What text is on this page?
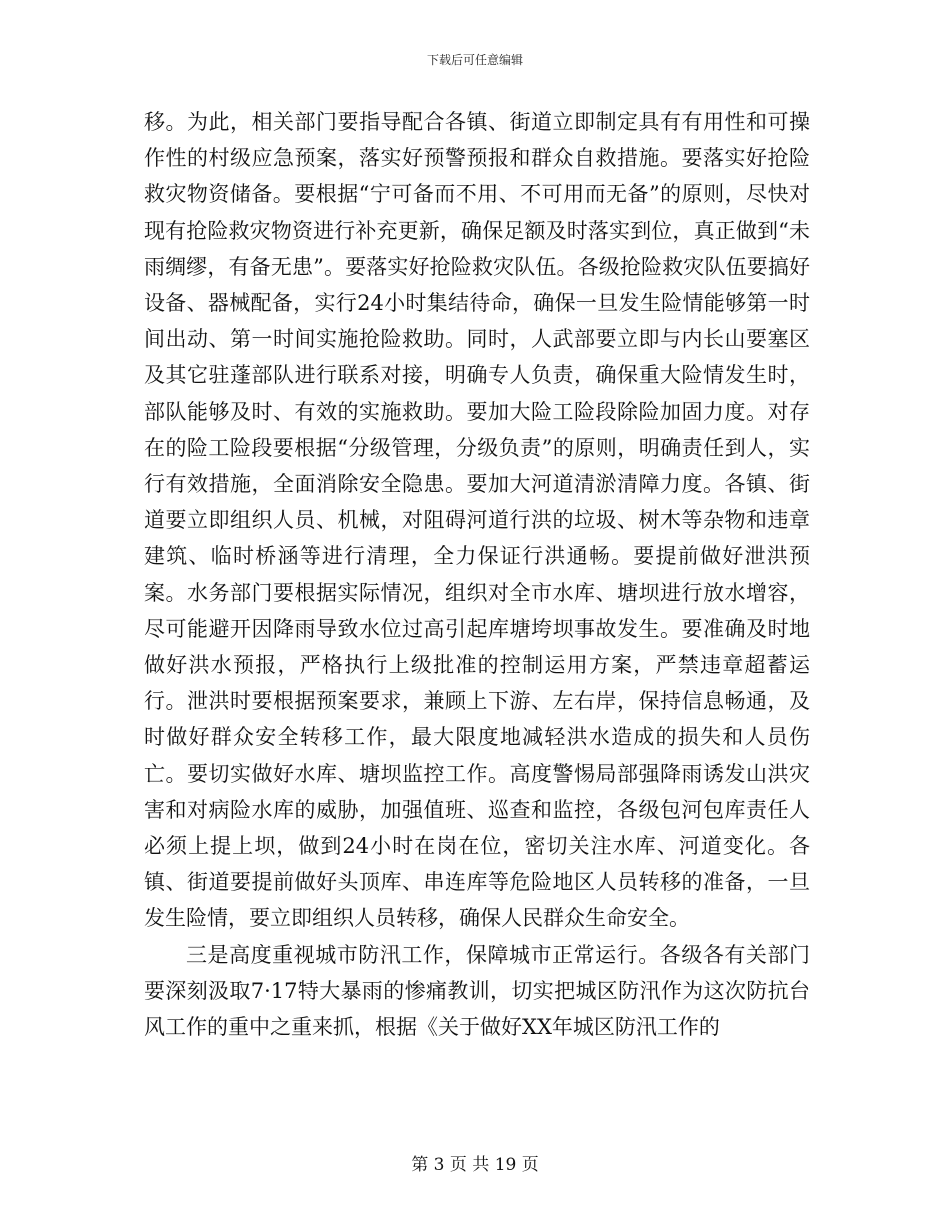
下载后可任意编辑

移。为此，相关部门要指导配合各镇、街道立即制定具有有用性和可操作性的村级应急预案，落实好预警预报和群众自救措施。要落实好抢险救灾物资储备。要根据“宁可备而不用、不可用而无备”的原则，尽快对现有抢险救灾物资进行补充更新，确保足额及时落实到位，真正做到“未雨绸缪，有备无患”。要落实好抢险救灾队伍。各级抢险救灾队伍要搞好设备、器械配备，实行24小时集结待命，确保一旦发生险情能够第一时间出动、第一时间实施抢险救助。同时，人武部要立即与内长山要塞区及其它驻蓬部队进行联系对接，明确专人负责，确保重大险情发生时，部队能够及时、有效的实施救助。要加大险工险段除险加固力度。对存在的险工险段要根据“分级管理，分级负责”的原则，明确责任到人，实行有效措施，全面消除安全隐患。要加大河道清淤清障力度。各镇、街道要立即组织人员、机械，对阻碍河道行洪的垃圾、树木等杂物和违章建筑、临时桥涵等进行清理，全力保证行洪通畅。要提前做好泄洪预案。水务部门要根据实际情况，组织对全市水库、塘坝进行放水增容，尽可能避开因降雨导致水位过高引起库塘垮坝事故发生。要准确及时地做好洪水预报，严格执行上级批准的控制运用方案，严禁违章超蓄运行。泄洪时要根据预案要求，兼顾上下游、左右岸，保持信息畅通，及时做好群众安全转移工作，最大限度地减轻洪水造成的损失和人员伤亡。要切实做好水库、塘坝监控工作。高度警惕局部强降雨诱发山洪灾害和对病险水库的威胁，加强值班、巡查和监控，各级包河包库责任人必须上提上坝，做到24小时在岗在位，密切关注水库、河道变化。各镇、街道要提前做好头顶库、串连库等危险地区人员转移的准备，一旦发生险情，要立即组织人员转移，确保人民群众生命安全。

三是高度重视城市防汛工作，保障城市正常运行。各级各有关部门要深刻汲取7·17特大暴雨的惨痛教训，切实把城区防汛作为这次防抗台风工作的重中之重来抓，根据《关于做好XX年城区防汛工作的

第 3 页 共 19 页
